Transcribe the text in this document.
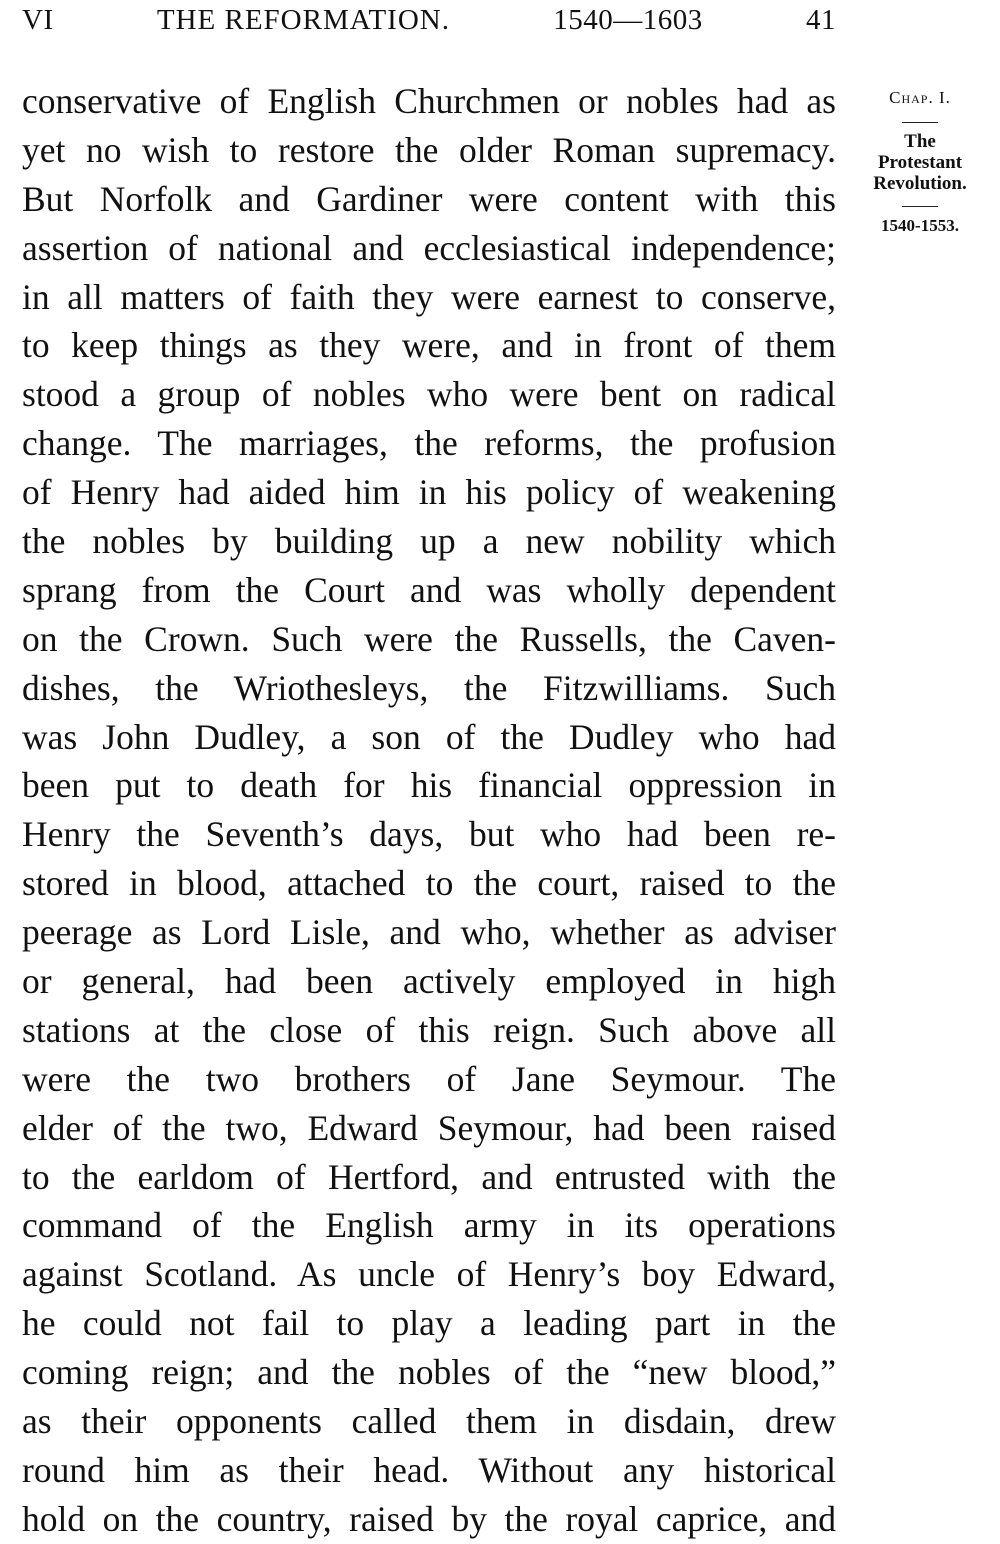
VI	THE REFORMATION.	1540—1603	41
conservative of English Churchmen or nobles had as
yet no wish to restore the older Roman supremacy.
But Norfolk and Gardiner were content with this
assertion of national and ecclesiastical independence;
in all matters of faith they were earnest to conserve,
to keep things as they were, and in front of them
stood a group of nobles who were bent on radical
change. The marriages, the reforms, the profusion
of Henry had aided him in his policy of weakening
the nobles by building up a new nobility which
sprang from the Court and was wholly dependent
on the Crown. Such were the Russells, the Caven-
dishes, the Wriothesleys, the Fitzwilliams. Such
was John Dudley, a son of the Dudley who had
been put to death for his financial oppression in
Henry the Seventh’s days, but who had been re-
stored in blood, attached to the court, raised to the
peerage as Lord Lisle, and who, whether as adviser
or general, had been actively employed in high
stations at the close of this reign. Such above all
were the two brothers of Jane Seymour. The
elder of the two, Edward Seymour, had been raised
to the earldom of Hertford, and entrusted with the
command of the English army in its operations
against Scotland. As uncle of Henry’s boy Edward,
he could not fail to play a leading part in the
coming reign; and the nobles of the “new blood,”
as their opponents called them in disdain, drew
round him as their head. Without any historical
hold on the country, raised by the royal caprice, and
Chap. I.
The
Protestant
Revolution.
1540-1553.
